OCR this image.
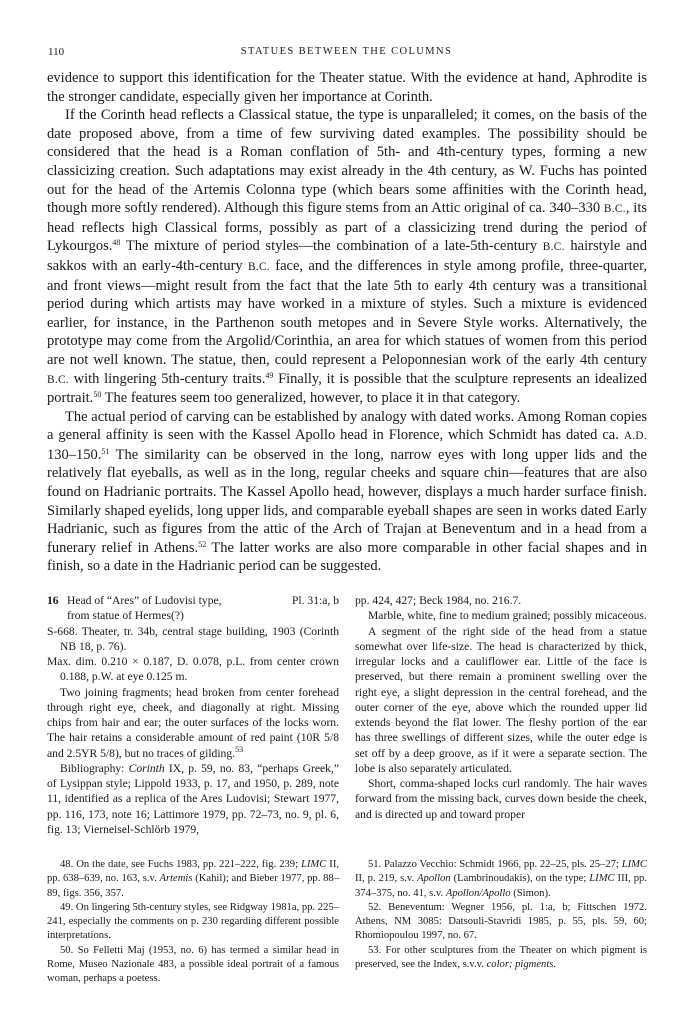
110	STATUES BETWEEN THE COLUMNS

evidence to support this identification for the Theater statue. With the evidence at hand, Aphrodite is the stronger candidate, especially given her importance at Corinth.

If the Corinth head reflects a Classical statue, the type is unparalleled; it comes, on the basis of the date proposed above, from a time of few surviving dated examples. The possibility should be considered that the head is a Roman conflation of 5th- and 4th-century types, forming a new classicizing creation. Such adaptations may exist already in the 4th century, as W. Fuchs has pointed out for the head of the Artemis Colonna type (which bears some affinities with the Corinth head, though more softly rendered). Although this figure stems from an Attic original of ca. 340–330 B.C., its head reflects high Classical forms, possibly as part of a classicizing trend during the period of Lykourgos.$^{48}$ The mixture of period styles—the combination of a late-5th-century B.C. hairstyle and sakkos with an early-4th-century B.C. face, and the differences in style among profile, three-quarter, and front views—might result from the fact that the late 5th to early 4th century was a transitional period during which artists may have worked in a mixture of styles. Such a mixture is evidenced earlier, for instance, in the Parthenon south metopes and in Severe Style works. Alternatively, the prototype may come from the Argolid/Corinthia, an area for which statues of women from this period are not well known. The statue, then, could represent a Peloponnesian work of the early 4th century B.C. with lingering 5th-century traits.$^{49}$ Finally, it is possible that the sculpture represents an idealized portrait.$^{50}$ The features seem too generalized, however, to place it in that category.

The actual period of carving can be established by analogy with dated works. Among Roman copies a general affinity is seen with the Kassel Apollo head in Florence, which Schmidt has dated ca. A.D. 130–150.51 The similarity can be observed in the long, narrow eyes with long upper lids and the relatively flat eyeballs, as well as in the long, regular cheeks and square chin—features that are also found on Hadrianic portraits. The Kassel Apollo head, however, displays a much harder surface finish. Similarly shaped eyelids, long upper lids, and comparable eyeball shapes are seen in works dated Early Hadrianic, such as figures from the attic of the Arch of Trajan at Beneventum and in a head from a funerary relief in Athens.$^{52}$ The latter works are also more comparable in other facial shapes and in finish, so a date in the Hadrianic period can be suggested.

16 Head of “Ares” of Ludovisi type,	Pl. 31:a, b
from statue of Hermes(?)

S-668. Theater, tr. 34b, central stage building, 1903 (Corinth NB 18, p. 76).

Max. dim. 0.210 × 0.187, D. 0.078, p.L. from center crown 0.188, p.W. at eye 0.125 m.

Two joining fragments; head broken from center forehead through right eye, cheek, and diagonally at right. Missing chips from hair and ear; the outer surfaces of the locks worn. The hair retains a considerable amount of red paint (10R 5/8 and 2.5YR 5/8), but no traces of gilding.$^{53}$

Bibliography: Corinth IX, p. 59, no. 83, “perhaps Greek,” of Lysippan style; Lippold 1933, p. 17, and 1950, p. 289, note 11, identified as a replica of the Ares Ludovisi; Stewart 1977, pp. 116, 173, note 16; Lattimore 1979, pp. 72–73, no. 9, pl. 6, fig. 13; Vierneisel-Schlörb 1979,

pp. 424, 427; Beck 1984, no. 216.7.

Marble, white, fine to medium grained; possibly micaceous.

A segment of the right side of the head from a statue somewhat over life-size. The head is characterized by thick, irregular locks and a cauliflower ear. Little of the face is preserved, but there remain a prominent swelling over the right eye, a slight depression in the central forehead, and the outer corner of the eye, above which the rounded upper lid extends beyond the flat lower. The fleshy portion of the ear has three swellings of different sizes, while the outer edge is set off by a deep groove, as if it were a separate section. The lobe is also separately articulated.

Short, comma-shaped locks curl randomly. The hair waves forward from the missing back, curves down beside the cheek, and is directed up and toward proper

48. On the date, see Fuchs 1983, pp. 221–222, fig. 239; LIMC II, pp. 638–639, no. 163, s.v. Artemis (Kahil); and Bieber 1977, pp. 88–89, figs. 356, 357.

49. On lingering 5th-century styles, see Ridgway 1981a, pp. 225–241, especially the comments on p. 230 regarding different possible interpretations.

50. So Felletti Maj (1953, no. 6) has termed a similar head in Rome, Museo Nazionale 483, a possible ideal portrait of a famous woman, perhaps a poetess.

51. Palazzo Vecchio: Schmidt 1966, pp. 22–25, pls. 25–27; LIMC II, p. 219, s.v. Apollon (Lambrinoudakis), on the type; LIMC III, pp. 374–375, no. 41, s.v. Apollon/Apollo (Simon).

52. Beneventum: Wegner 1956, pl. 1:a, b; Fittschen 1972. Athens, NM 3085: Datsouli-Stavridi 1985, p. 55, pls. 59, 60; Rhomiopoulou 1997, no. 67.

53. For other sculptures from the Theater on which pigment is preserved, see the Index, s.v.v. color; pigments.
